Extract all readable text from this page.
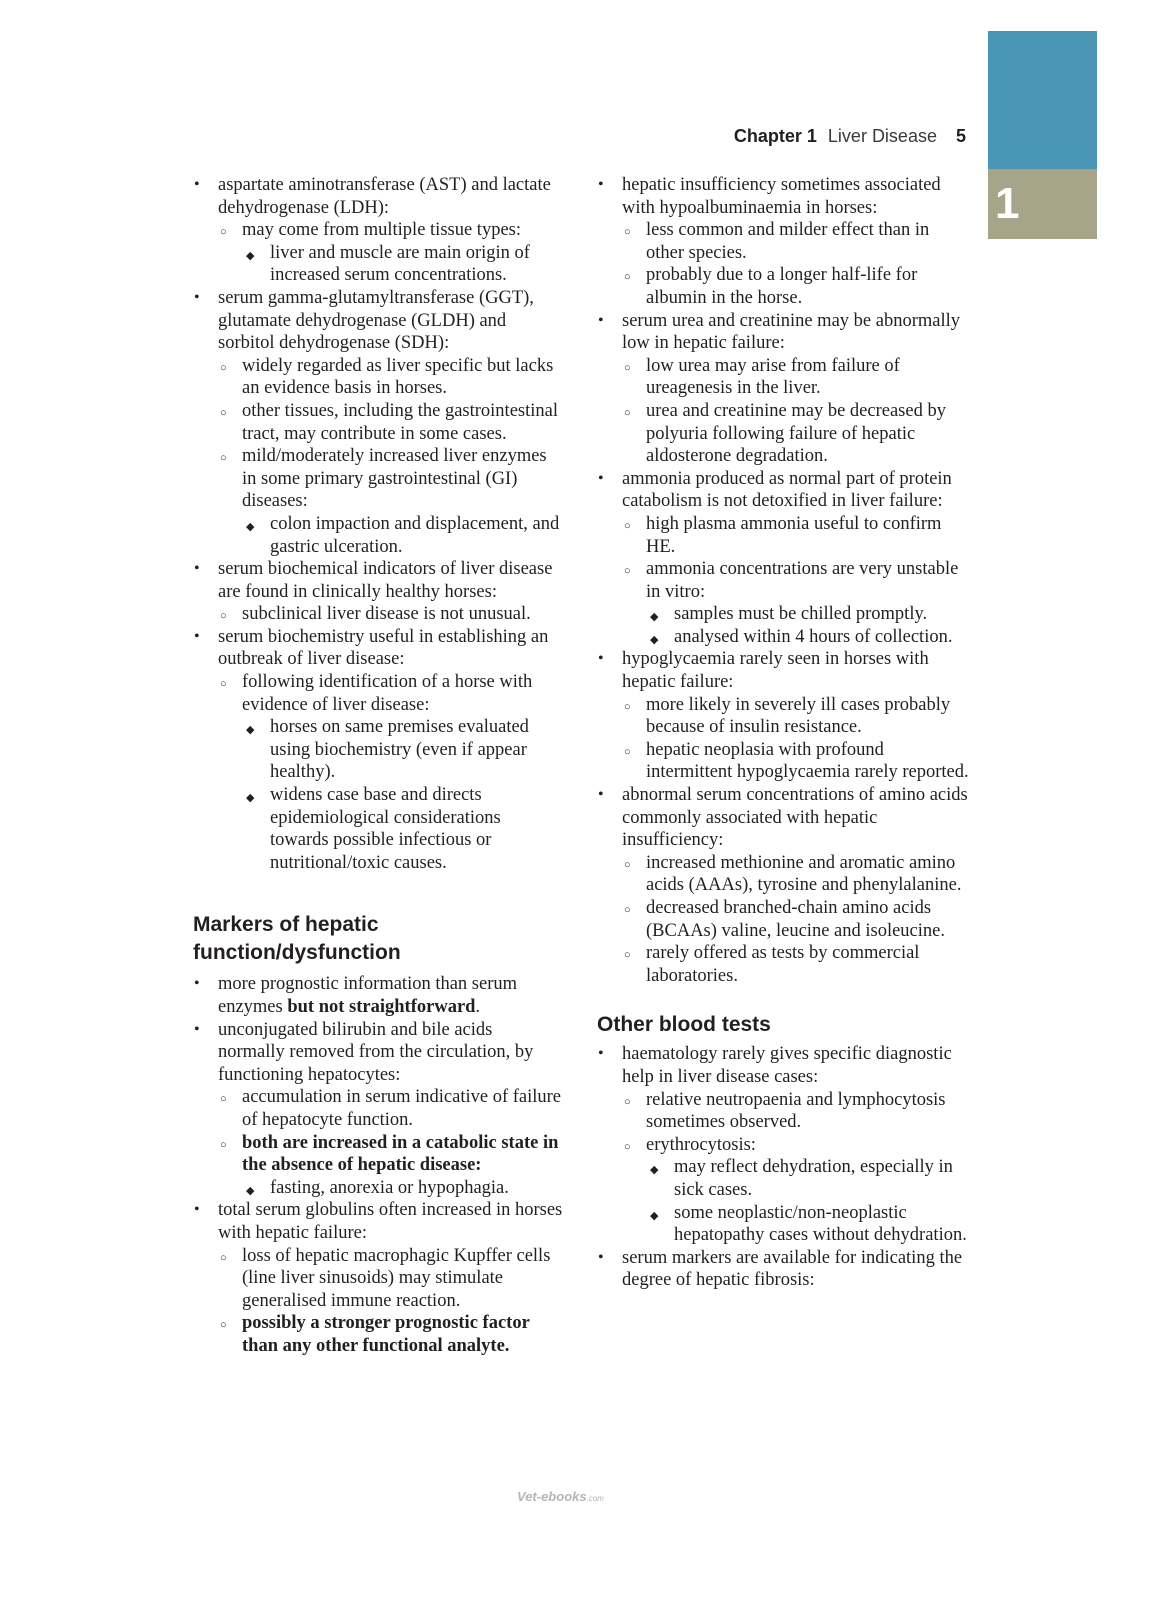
1
Chapter 1 Liver Disease 5
• aspartate aminotransferase (AST) and lactate dehydrogenase (LDH):
○ may come from multiple tissue types:
◆ liver and muscle are main origin of increased serum concentrations.
• serum gamma-glutamyltransferase (GGT), glutamate dehydrogenase (GLDH) and sorbitol dehydrogenase (SDH):
○ widely regarded as liver specific but lacks an evidence basis in horses.
○ other tissues, including the gastrointestinal tract, may contribute in some cases.
○ mild/moderately increased liver enzymes in some primary gastrointestinal (GI) diseases:
◆ colon impaction and displacement, and gastric ulceration.
• serum biochemical indicators of liver disease are found in clinically healthy horses:
○ subclinical liver disease is not unusual.
• serum biochemistry useful in establishing an outbreak of liver disease:
○ following identification of a horse with evidence of liver disease:
◆ horses on same premises evaluated using biochemistry (even if appear healthy).
◆ widens case base and directs epidemiological considerations towards possible infectious or nutritional/toxic causes.
Markers of hepatic function/dysfunction
• more prognostic information than serum enzymes but not straightforward.
• unconjugated bilirubin and bile acids normally removed from the circulation, by functioning hepatocytes:
○ accumulation in serum indicative of failure of hepatocyte function.
○ both are increased in a catabolic state in the absence of hepatic disease:
◆ fasting, anorexia or hypophagia.
• total serum globulins often increased in horses with hepatic failure:
○ loss of hepatic macrophagic Kupffer cells (line liver sinusoids) may stimulate generalised immune reaction.
○ possibly a stronger prognostic factor than any other functional analyte.
• hepatic insufficiency sometimes associated with hypoalbuminaemia in horses:
○ less common and milder effect than in other species.
○ probably due to a longer half-life for albumin in the horse.
• serum urea and creatinine may be abnormally low in hepatic failure:
○ low urea may arise from failure of ureagenesis in the liver.
○ urea and creatinine may be decreased by polyuria following failure of hepatic aldosterone degradation.
• ammonia produced as normal part of protein catabolism is not detoxified in liver failure:
○ high plasma ammonia useful to confirm HE.
○ ammonia concentrations are very unstable in vitro:
◆ samples must be chilled promptly.
◆ analysed within 4 hours of collection.
• hypoglycaemia rarely seen in horses with hepatic failure:
○ more likely in severely ill cases probably because of insulin resistance.
○ hepatic neoplasia with profound intermittent hypoglycaemia rarely reported.
• abnormal serum concentrations of amino acids commonly associated with hepatic insufficiency:
○ increased methionine and aromatic amino acids (AAAs), tyrosine and phenylalanine.
○ decreased branched-chain amino acids (BCAAs) valine, leucine and isoleucine.
○ rarely offered as tests by commercial laboratories.
Other blood tests
• haematology rarely gives specific diagnostic help in liver disease cases:
○ relative neutropaenia and lymphocytosis sometimes observed.
○ erythrocytosis:
◆ may reflect dehydration, especially in sick cases.
◆ some neoplastic/non-neoplastic hepatopathy cases without dehydration.
• serum markers are available for indicating the degree of hepatic fibrosis:
Vet-ebooks.com
